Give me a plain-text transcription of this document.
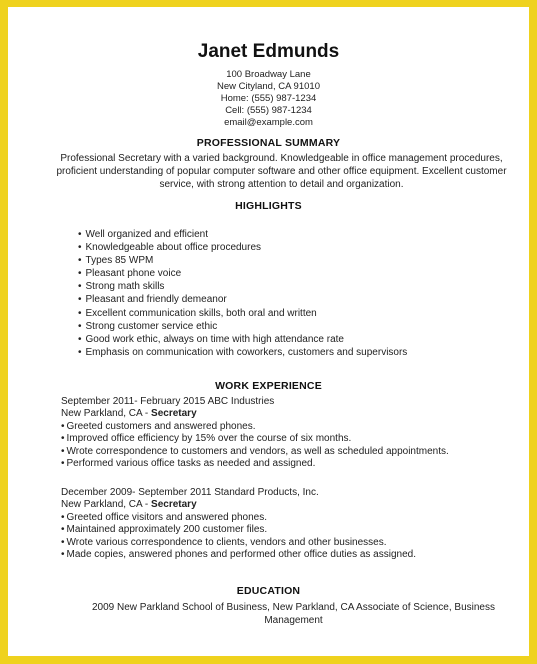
Janet Edmunds
100 Broadway Lane
New Cityland, CA 91010
Home: (555) 987-1234
Cell: (555) 987-1234
email@example.com
PROFESSIONAL SUMMARY
Professional Secretary with a varied background. Knowledgeable in office management procedures, proficient understanding of popular computer software and other office equipment. Excellent customer service, with strong attention to detail and organization.
HIGHLIGHTS
• Well organized and efficient
• Knowledgeable about office procedures
• Types 85 WPM
• Pleasant phone voice
• Strong math skills
• Pleasant and friendly demeanor
• Excellent communication skills, both oral and written
• Strong customer service ethic
• Good work ethic, always on time with high attendance rate
• Emphasis on communication with coworkers, customers and supervisors
WORK EXPERIENCE
September 2011- February 2015 ABC Industries
New Parkland, CA - Secretary
• Greeted customers and answered phones.
• Improved office efficiency by 15% over the course of six months.
• Wrote correspondence to customers and vendors, as well as scheduled appointments.
• Performed various office tasks as needed and assigned.
December 2009- September 2011 Standard Products, Inc.
New Parkland, CA - Secretary
• Greeted office visitors and answered phones.
• Maintained approximately 200 customer files.
• Wrote various correspondence to clients, vendors and other businesses.
• Made copies, answered phones and performed other office duties as assigned.
EDUCATION
2009 New Parkland School of Business, New Parkland, CA Associate of Science, Business Management
